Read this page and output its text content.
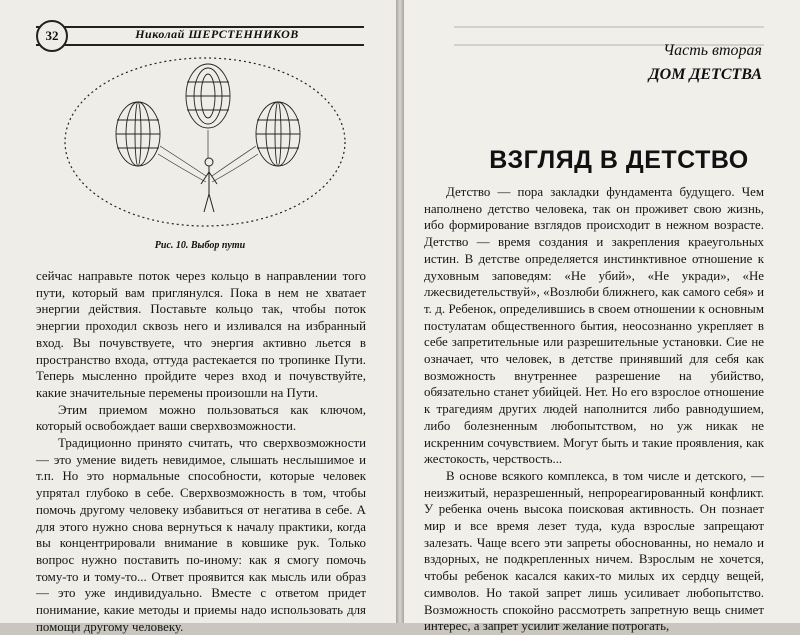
32	Николай ШЕРСТЕННИКОВ
Рис. 10. Выбор пути

сейчас направьте поток через кольцо в направлении того пути, который вам приглянулся. Пока в нем не хватает энергии действия. Поставьте кольцо так, чтобы поток энергии проходил сквозь него и изливался на избранный вход. Вы почувствуете, что энергия активно льется в пространство входа, оттуда растекается по тропинке Пути. Теперь мысленно пройдите через вход и почувствуйте, какие значительные перемены произошли на Пути.

Этим приемом можно пользоваться как ключом, который освобождает ваши сверхвозможности.

Традиционно принято считать, что сверхвозможности — это умение видеть невидимое, слышать неслышимое и т.п. Но это нормальные способности, которые человек упрятал глубоко в себе. Сверхвозможность в том, чтобы помочь другому человеку избавиться от негатива в себе. А для этого нужно снова вернуться к началу практики, когда вы концентрировали внимание в ковшике рук. Только вопрос нужно поставить по-иному: как я смогу помочь тому-то и тому-то... Ответ проявится как мысль или образ — это уже индивидуально. Вместе с ответом придет понимание, какие методы и приемы надо использовать для помощи другому человеку.

Часть вторая
ДОМ ДЕТСТВА
ВЗГЛЯД В ДЕТСТВО

Детство — пора закладки фундамента будущего. Чем наполнено детство человека, так он проживет свою жизнь, ибо формирование взглядов происходит в нежном возрасте. Детство — время создания и закрепления краеугольных истин. В детстве определяется инстинктивное отношение к духовным заповедям: «Не убий», «Не укради», «Не лжесвидетельствуй», «Возлюби ближнего, как самого себя» и т. д. Ребенок, определившись в своем отношении к основным постулатам общественного бытия, неосознанно укрепляет в себе запретительные или разрешительные установки. Сие не означает, что человек, в детстве принявший для себя как возможность внутреннее разрешение на убийство, обязательно станет убийцей. Нет. Но его взрослое отношение к трагедиям других людей наполнится либо равнодушием, либо болезненным любопытством, но уж никак не искренним сочувствием. Могут быть и такие проявления, как жестокость, черствость...

В основе всякого комплекса, в том числе и детского, — неизжитый, неразрешенный, непрореагированный конфликт. У ребенка очень высока поисковая активность. Он познает мир и все время лезет туда, куда взрослые запрещают залезать. Чаще всего эти запреты обоснованны, но немало и вздорных, не подкрепленных ничем. Взрослым не хочется, чтобы ребенок касался каких-то милых их сердцу вещей, символов. Но такой запрет лишь усиливает любопытство. Возможность спокойно рассмотреть запретную вещь снимет интерес, а запрет усилит желание потрогать,
